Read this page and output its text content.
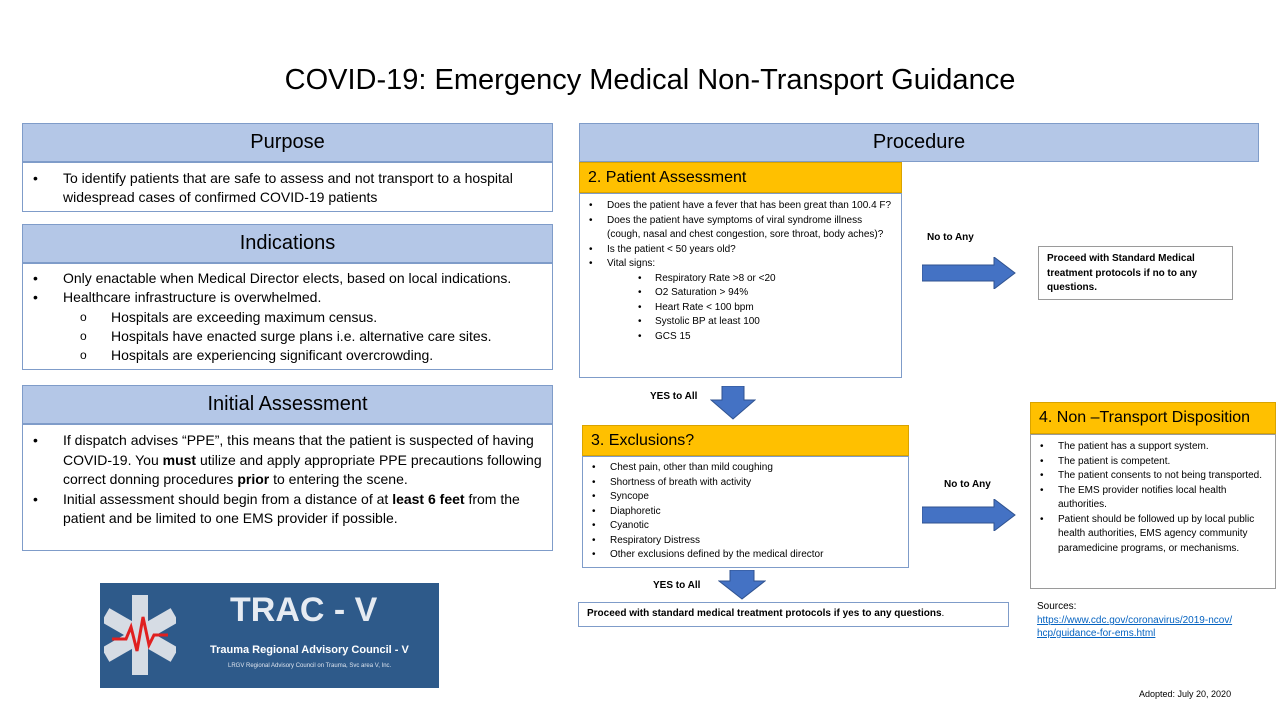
COVID-19: Emergency Medical Non-Transport Guidance
Purpose
• To identify patients that are safe to assess and not transport to a hospital widespread cases of confirmed COVID-19 patients
Indications
• Only enactable when Medical Director elects, based on local indications.
• Healthcare infrastructure is overwhelmed.
o Hospitals are exceeding maximum census.
o Hospitals have enacted surge plans i.e. alternative care sites.
o Hospitals are experiencing significant overcrowding.
Initial Assessment
• If dispatch advises “PPE”, this means that the patient is suspected of having COVID-19. You must utilize and apply appropriate PPE precautions following correct donning procedures prior to entering the scene.
• Initial assessment should begin from a distance of at least 6 feet from the patient and be limited to one EMS provider if possible.
TRAC - V
Trauma Regional Advisory Council - V
LRGV Regional Advisory Council on Trauma, Svc area V, Inc.
Procedure
2. Patient Assessment
• Does the patient have a fever that has been great than 100.4 F?
• Does the patient have symptoms of viral syndrome illness (cough, nasal and chest congestion, sore throat, body aches)?
• Is the patient < 50 years old?
• Vital signs:
• Respiratory Rate >8 or <20
• O2 Saturation > 94%
• Heart Rate < 100 bpm
• Systolic BP at least 100
• GCS 15
No to Any
Proceed with Standard Medical treatment protocols if no to any questions.
YES to All
3. Exclusions?
• Chest pain, other than mild coughing
• Shortness of breath with activity
• Syncope
• Diaphoretic
• Cyanotic
• Respiratory Distress
• Other exclusions defined by the medical director
No to Any
4. Non –Transport Disposition
• The patient has a support system.
• The patient is competent.
• The patient consents to not being transported.
• The EMS provider notifies local health authorities.
• Patient should be followed up by local public health authorities, EMS agency community paramedicine programs, or mechanisms.
YES to All
Proceed with standard medical treatment protocols if yes to any questions.
Sources:
https://www.cdc.gov/coronavirus/2019-ncov/hcp/guidance-for-ems.html
Adopted: July 20, 2020
